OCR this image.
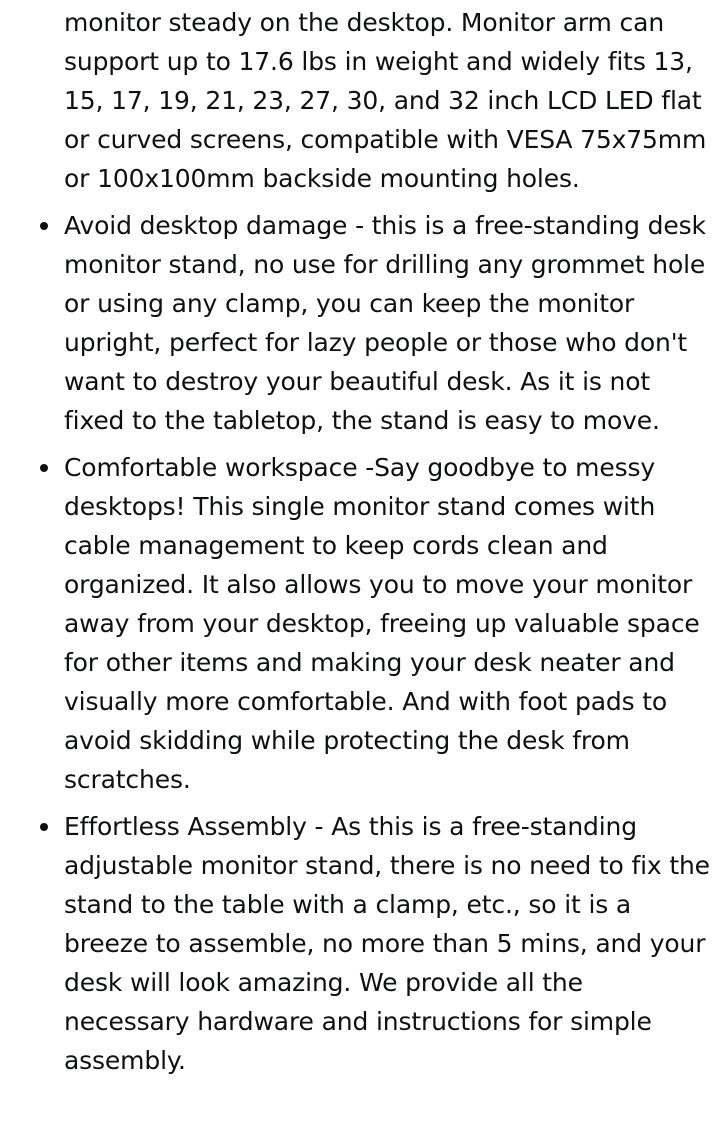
monitor steady on the desktop. Monitor arm can support up to 17.6 lbs in weight and widely fits 13, 15, 17, 19, 21, 23, 27, 30, and 32 inch LCD LED flat or curved screens, compatible with VESA 75x75mm or 100x100mm backside mounting holes.
Avoid desktop damage - this is a free-standing desk monitor stand, no use for drilling any grommet hole or using any clamp, you can keep the monitor upright, perfect for lazy people or those who don't want to destroy your beautiful desk. As it is not fixed to the tabletop, the stand is easy to move.
Comfortable workspace -Say goodbye to messy desktops! This single monitor stand comes with cable management to keep cords clean and organized. It also allows you to move your monitor away from your desktop, freeing up valuable space for other items and making your desk neater and visually more comfortable. And with foot pads to avoid skidding while protecting the desk from scratches.
Effortless Assembly - As this is a free-standing adjustable monitor stand, there is no need to fix the stand to the table with a clamp, etc., so it is a breeze to assemble, no more than 5 mins, and your desk will look amazing. We provide all the necessary hardware and instructions for simple assembly.
